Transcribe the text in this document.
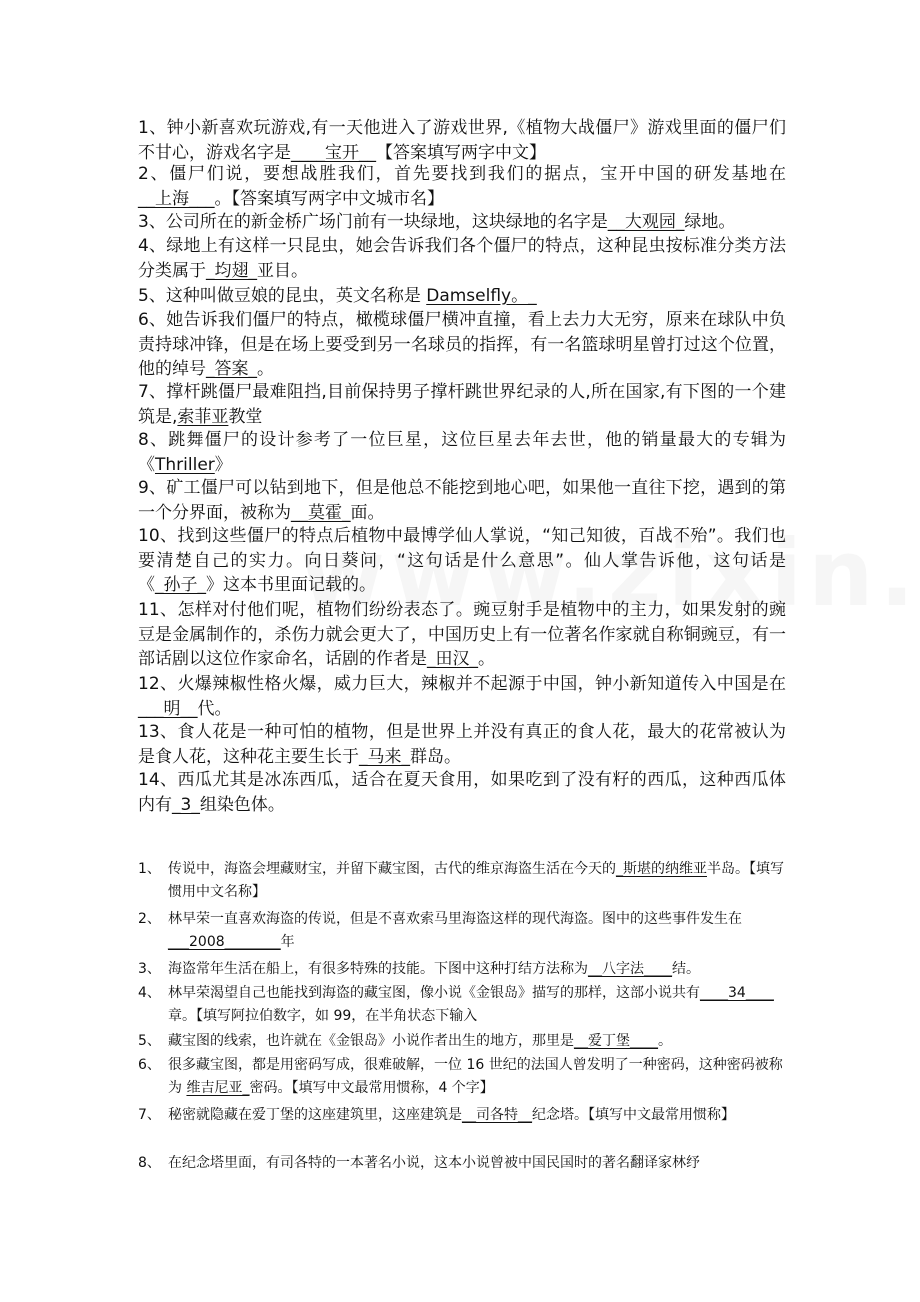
1、钟小新喜欢玩游戏,有一天他进入了游戏世界,《植物大战僵尸》游戏里面的僵尸们不甘心，游戏名字是____宝开__【答案填写两字中文】
2、僵尸们说，要想战胜我们，首先要找到我们的据点，宝开中国的研发基地在__上海___。【答案填写两字中文城市名】
3、公司所在的新金桥广场门前有一块绿地，这块绿地的名字是__大观园_绿地。
4、绿地上有这样一只昆虫，她会告诉我们各个僵尸的特点，这种昆虫按标准分类方法分类属于_均翅_亚目。
5、这种叫做豆娘的昆虫，英文名称是 Damselfly。_
6、她告诉我们僵尸的特点，橄榄球僵尸横冲直撞，看上去力大无穷，原来在球队中负责持球冲锋，但是在场上要受到另一名球员的指挥，有一名篮球明星曾打过这个位置，他的绰号_答案_。
7、撑杆跳僵尸最难阻挡,目前保持男子撑杆跳世界纪录的人,所在国家,有下图的一个建筑是,索菲亚教堂
8、跳舞僵尸的设计参考了一位巨星，这位巨星去年去世，他的销量最大的专辑为《Thriller》
9、矿工僵尸可以钻到地下，但是他总不能挖到地心吧，如果他一直往下挖，遇到的第一个分界面，被称为__莫霍_面。
10、找到这些僵尸的特点后植物中最博学仙人掌说，“知己知彼，百战不殆”。我们也要清楚自己的实力。向日葵问，“这句话是什么意思”。仙人掌告诉他，这句话是《_孙子_》这本书里面记载的。
11、怎样对付他们呢，植物们纷纷表态了。豌豆射手是植物中的主力，如果发射的豌豆是金属制作的，杀伤力就会更大了，中国历史上有一位著名作家就自称铜豌豆，有一部话剧以这位作家命名，话剧的作者是_田汉_。
12、火爆辣椒性格火爆，威力巨大，辣椒并不起源于中国，钟小新知道传入中国是在___明__代。
13、食人花是一种可怕的植物，但是世界上并没有真正的食人花，最大的花常被认为是食人花，这种花主要生长于_马来_群岛。
14、西瓜尤其是冰冻西瓜，适合在夏天食用，如果吃到了没有籽的西瓜，这种西瓜体内有_3_组染色体。
1、 传说中，海盗会埋藏财宝，并留下藏宝图，古代的维京海盗生活在今天的_斯堪的纳维亚半岛。【填写惯用中文名称】
2、 林早荣一直喜欢海盗的传说，但是不喜欢索马里海盗这样的现代海盗。图中的这些事件发生在___2008________年
3、 海盗常年生活在船上，有很多特殊的技能。下图中这种打结方法称为__八字法____结。
4、 林早荣渴望自己也能找到海盗的藏宝图，像小说《金银岛》描写的那样，这部小说共有____34____章。【填写阿拉伯数字，如 99，在半角状态下输入
5、 藏宝图的线索，也许就在《金银岛》小说作者出生的地方，那里是__爱丁堡____。
6、 很多藏宝图，都是用密码写成，很难破解，一位 16 世纪的法国人曾发明了一种密码，这种密码被称为 维吉尼亚_密码。【填写中文最常用惯称，4 个字】
7、 秘密就隐藏在爱丁堡的这座建筑里，这座建筑是__司各特__纪念塔。【填写中文最常用惯称】
8、 在纪念塔里面，有司各特的一本著名小说，这本小说曾被中国民国时的著名翻译家林纾
